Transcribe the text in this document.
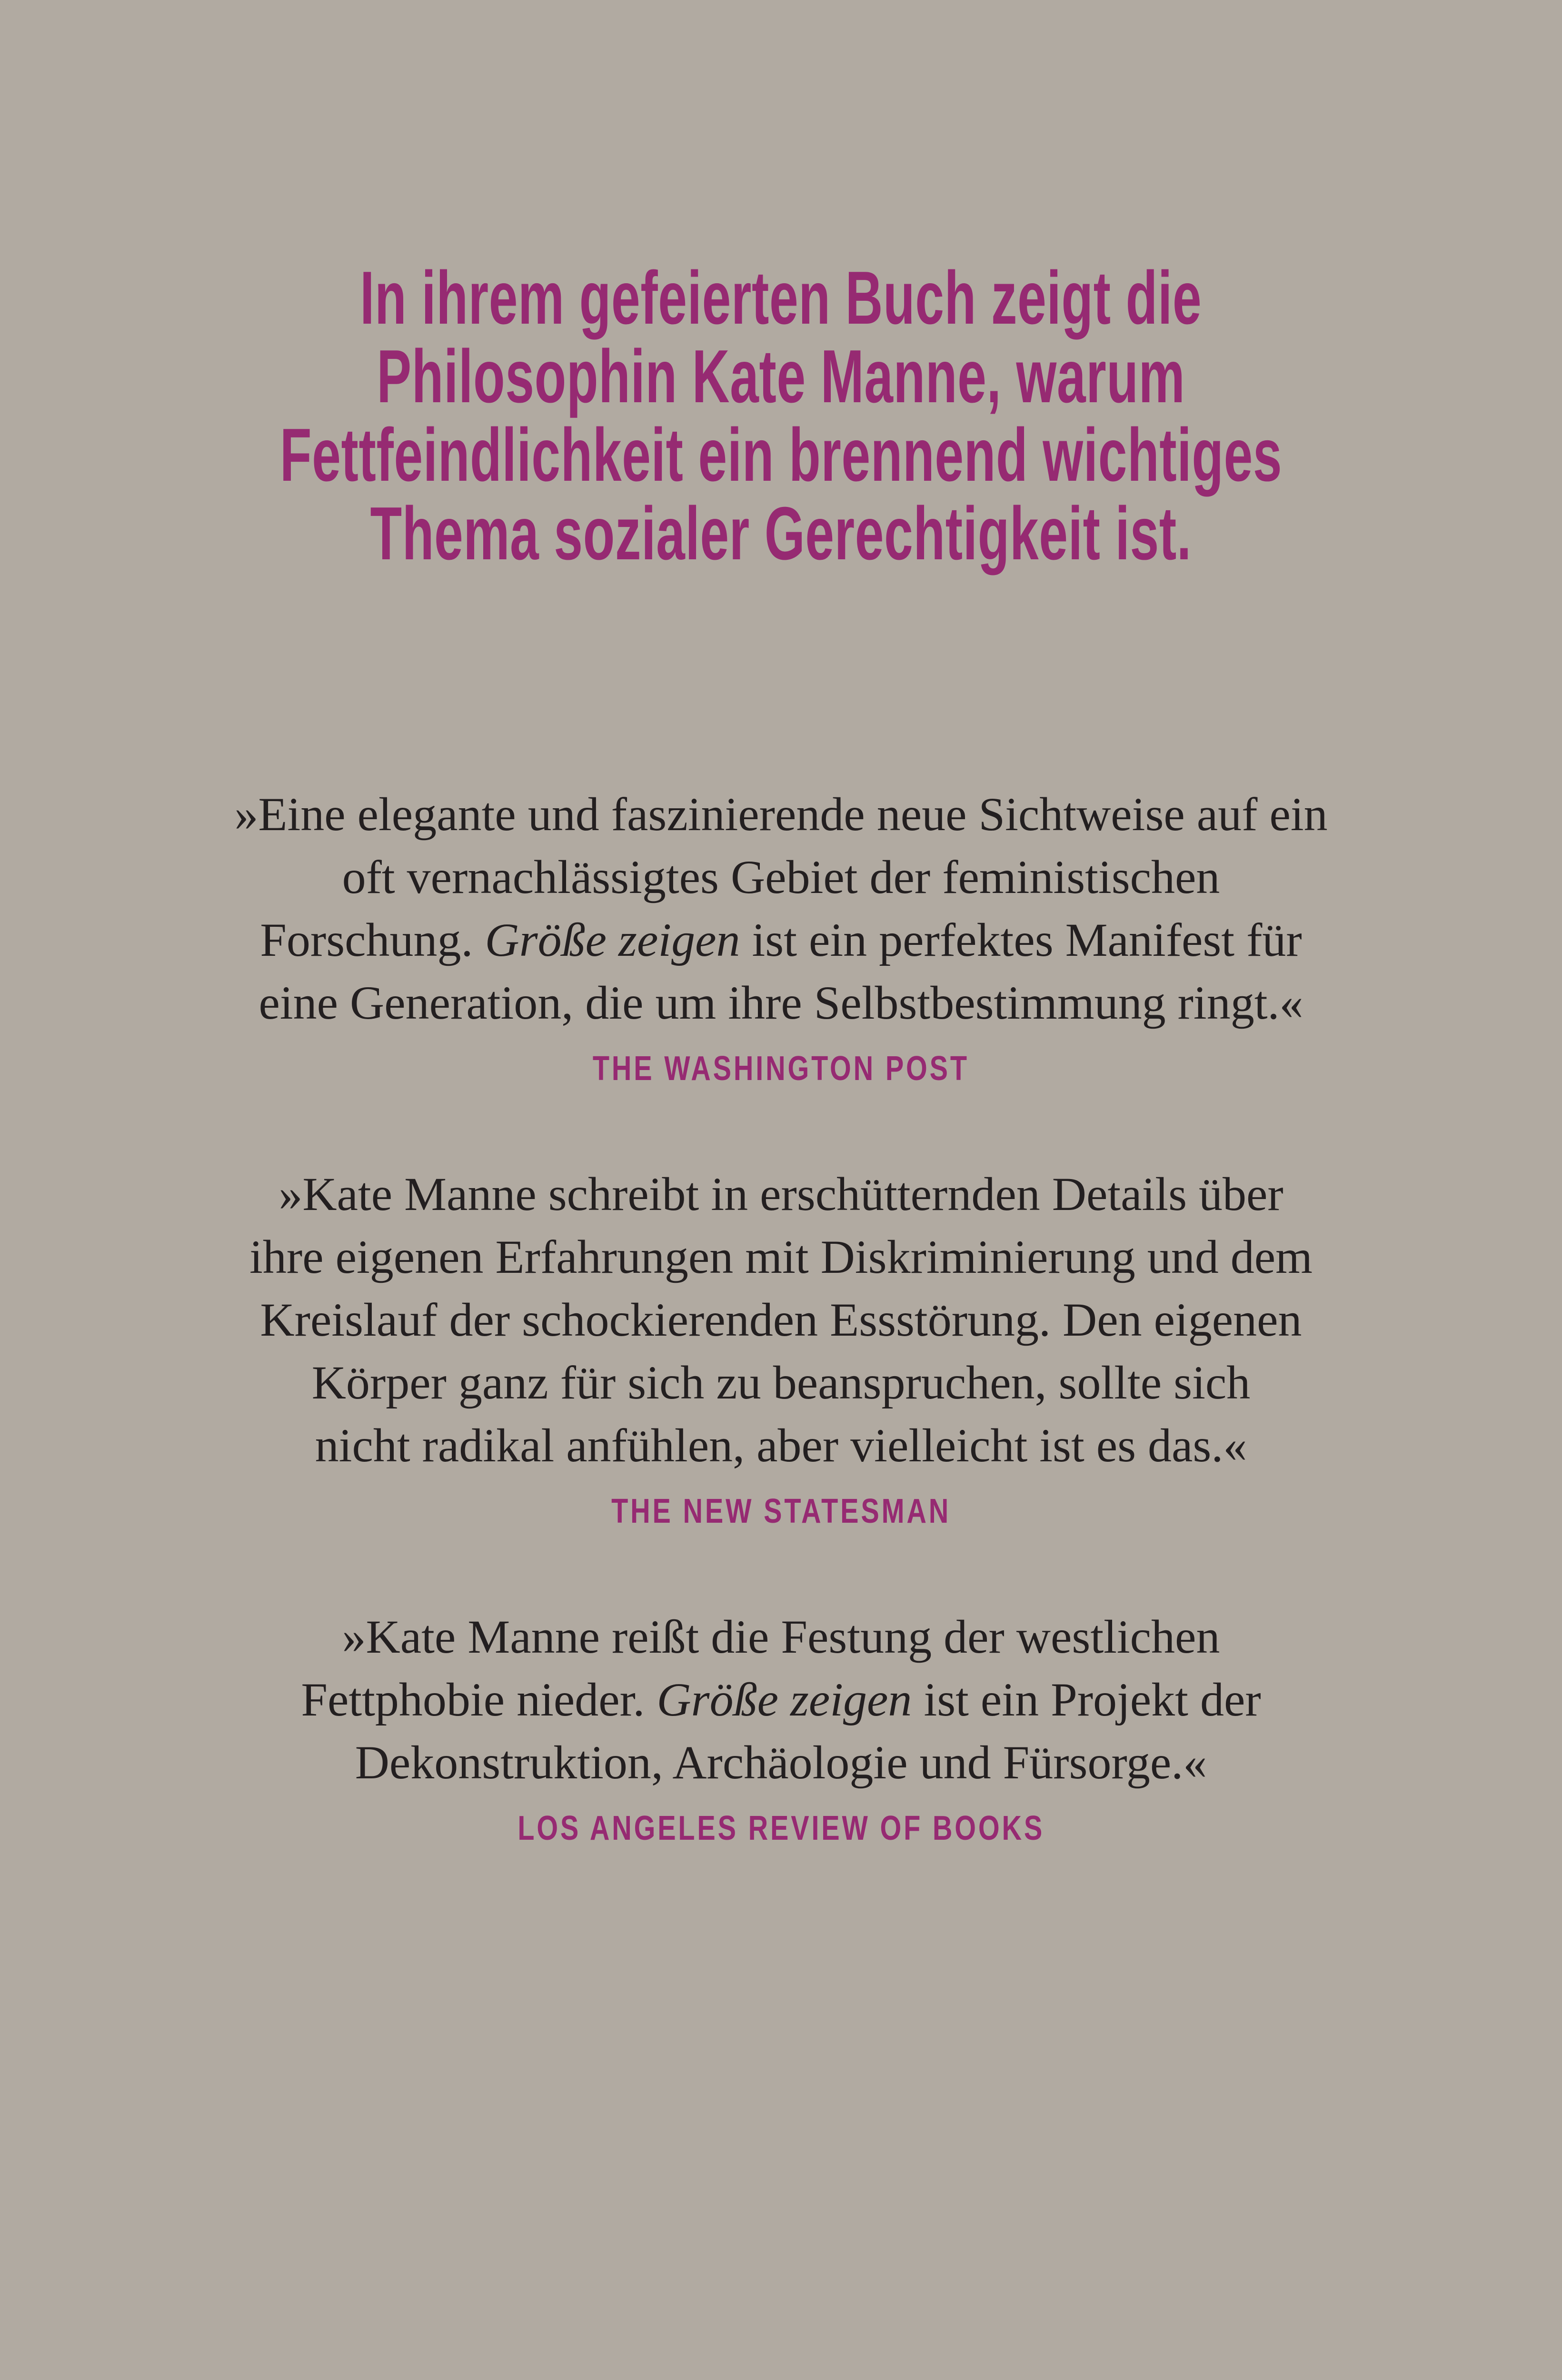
In ihrem gefeierten Buch zeigt die
Philosophin Kate Manne, warum
Fettfeindlichkeit ein brennend wichtiges
Thema sozialer Gerechtigkeit ist.
»Eine elegante und faszinierende neue Sichtweise auf ein
oft vernachlässigtes Gebiet der feministischen
Forschung. Größe zeigen ist ein perfektes Manifest für
eine Generation, die um ihre Selbstbestimmung ringt.«
THE WASHINGTON POST
»Kate Manne schreibt in erschütternden Details über
ihre eigenen Erfahrungen mit Diskriminierung und dem
Kreislauf der schockierenden Essstörung. Den eigenen
Körper ganz für sich zu beanspruchen, sollte sich
nicht radikal anfühlen, aber vielleicht ist es das.«
THE NEW STATESMAN
»Kate Manne reißt die Festung der westlichen
Fettphobie nieder. Größe zeigen ist ein Projekt der
Dekonstruktion, Archäologie und Fürsorge.«
LOS ANGELES REVIEW OF BOOKS
